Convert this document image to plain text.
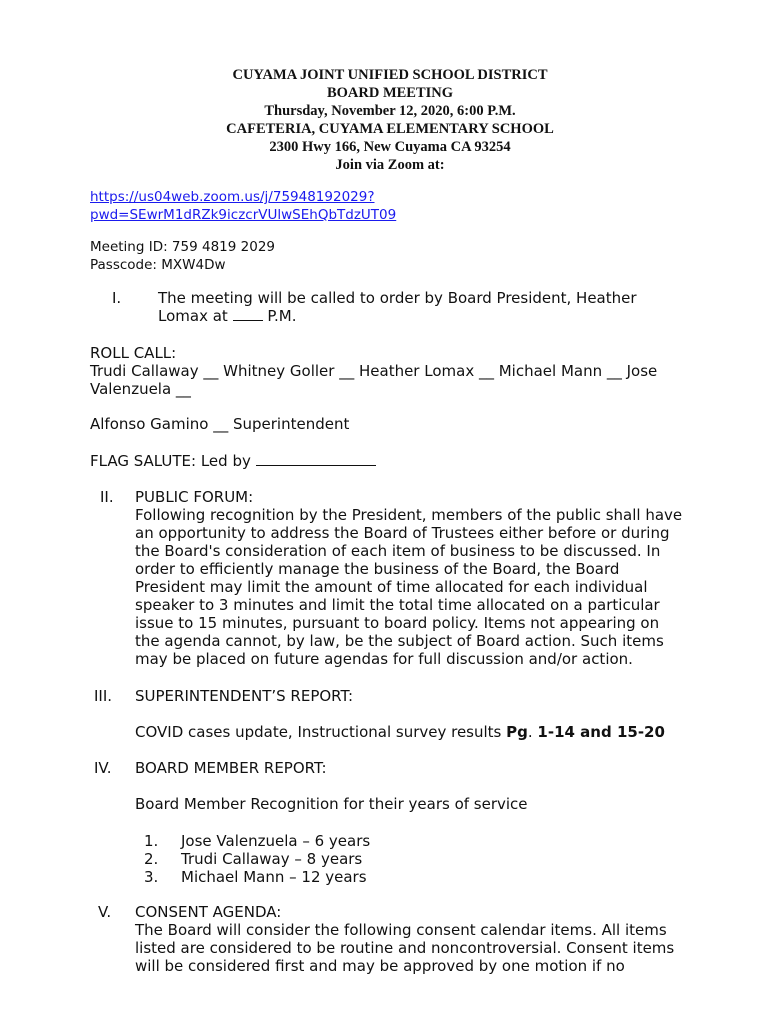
CUYAMA JOINT UNIFIED SCHOOL DISTRICT
BOARD MEETING
Thursday, November 12, 2020, 6:00 P.M.
CAFETERIA, CUYAMA ELEMENTARY SCHOOL
2300 Hwy 166, New Cuyama CA 93254
Join via Zoom at:
https://us04web.zoom.us/j/75948192029?
pwd=SEwrM1dRZk9iczcrVUlwSEhQbTdzUT09
Meeting ID: 759 4819 2029
Passcode: MXW4Dw
I. The meeting will be called to order by Board President, Heather
Lomax at  P.M.
ROLL CALL:
Trudi Callaway __ Whitney Goller __ Heather Lomax __ Michael Mann __ Jose
Valenzuela __
Alfonso Gamino __ Superintendent
FLAG SALUTE: Led by
II. PUBLIC FORUM:
Following recognition by the President, members of the public shall have
an opportunity to address the Board of Trustees either before or during
the Board's consideration of each item of business to be discussed. In
order to efficiently manage the business of the Board, the Board
President may limit the amount of time allocated for each individual
speaker to 3 minutes and limit the total time allocated on a particular
issue to 15 minutes, pursuant to board policy. Items not appearing on
the agenda cannot, by law, be the subject of Board action. Such items
may be placed on future agendas for full discussion and/or action.
III. SUPERINTENDENT’S REPORT:
COVID cases update, Instructional survey results Pg. 1-14 and 15-20
IV. BOARD MEMBER REPORT:
Board Member Recognition for their years of service
1. Jose Valenzuela – 6 years
2. Trudi Callaway – 8 years
3. Michael Mann – 12 years
V. CONSENT AGENDA:
The Board will consider the following consent calendar items. All items
listed are considered to be routine and noncontroversial. Consent items
will be considered first and may be approved by one motion if no
